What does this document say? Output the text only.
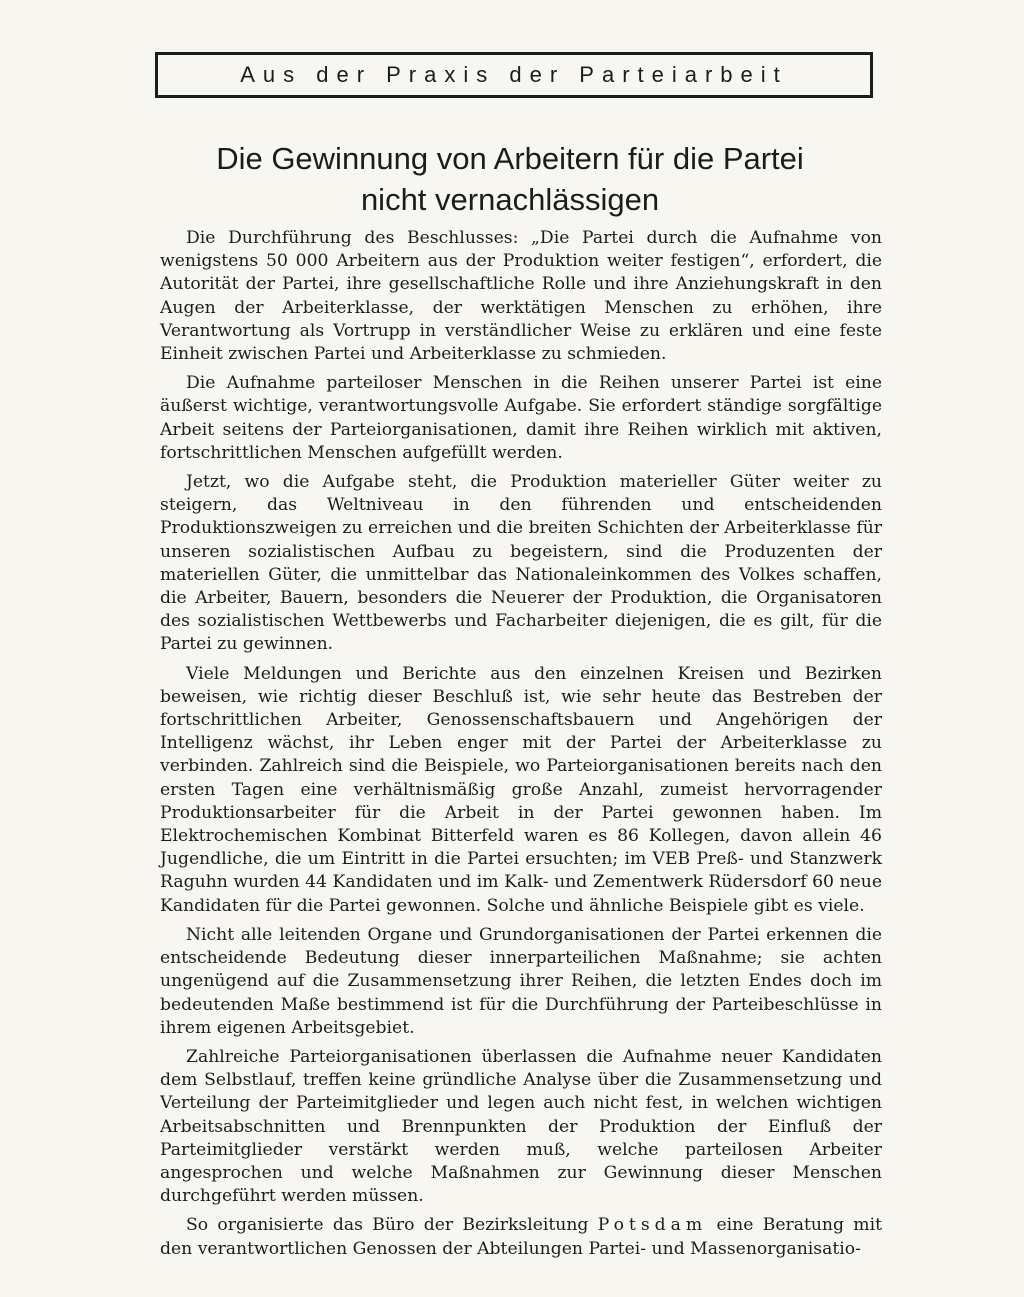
Aus der Praxis der Parteiarbeit
Die Gewinnung von Arbeitern für die Partei
nicht vernachlässigen

Die Durchführung des Beschlusses: „Die Partei durch die Aufnahme von wenigstens 50 000 Arbeitern aus der Produktion weiter festigen“, erfordert, die Autorität der Partei, ihre gesellschaftliche Rolle und ihre Anziehungskraft in den Augen der Arbeiterklasse, der werktätigen Menschen zu erhöhen, ihre Verantwortung als Vortrupp in verständlicher Weise zu erklären und eine feste Einheit zwischen Partei und Arbeiterklasse zu schmieden.

Die Aufnahme parteiloser Menschen in die Reihen unserer Partei ist eine äußerst wichtige, verantwortungsvolle Aufgabe. Sie erfordert ständige sorgfältige Arbeit seitens der Parteiorganisationen, damit ihre Reihen wirklich mit aktiven, fortschrittlichen Menschen aufgefüllt werden.

Jetzt, wo die Aufgabe steht, die Produktion materieller Güter weiter zu steigern, das Weltniveau in den führenden und entscheidenden Produktionszweigen zu erreichen und die breiten Schichten der Arbeiterklasse für unseren sozialistischen Aufbau zu begeistern, sind die Produzenten der materiellen Güter, die unmittelbar das Nationaleinkommen des Volkes schaffen, die Arbeiter, Bauern, besonders die Neuerer der Produktion, die Organisatoren des sozialistischen Wettbewerbs und Facharbeiter diejenigen, die es gilt, für die Partei zu gewinnen.

Viele Meldungen und Berichte aus den einzelnen Kreisen und Bezirken beweisen, wie richtig dieser Beschluß ist, wie sehr heute das Bestreben der fortschrittlichen Arbeiter, Genossenschaftsbauern und Angehörigen der Intelligenz wächst, ihr Leben enger mit der Partei der Arbeiterklasse zu verbinden. Zahlreich sind die Beispiele, wo Parteiorganisationen bereits nach den ersten Tagen eine verhältnismäßig große Anzahl, zumeist hervorragender Produktionsarbeiter für die Arbeit in der Partei gewonnen haben. Im Elektrochemischen Kombinat Bitterfeld waren es 86 Kollegen, davon allein 46 Jugendliche, die um Eintritt in die Partei ersuchten; im VEB Preß- und Stanzwerk Raguhn wurden 44 Kandidaten und im Kalk- und Zementwerk Rüdersdorf 60 neue Kandidaten für die Partei gewonnen. Solche und ähnliche Beispiele gibt es viele.

Nicht alle leitenden Organe und Grundorganisationen der Partei erkennen die entscheidende Bedeutung dieser innerparteilichen Maßnahme; sie achten ungenügend auf die Zusammensetzung ihrer Reihen, die letzten Endes doch im bedeutenden Maße bestimmend ist für die Durchführung der Parteibeschlüsse in ihrem eigenen Arbeitsgebiet.

Zahlreiche Parteiorganisationen überlassen die Aufnahme neuer Kandidaten dem Selbstlauf, treffen keine gründliche Analyse über die Zusammensetzung und Verteilung der Parteimitglieder und legen auch nicht fest, in welchen wichtigen Arbeitsabschnitten und Brennpunkten der Produktion der Einfluß der Parteimitglieder verstärkt werden muß, welche parteilosen Arbeiter angesprochen und welche Maßnahmen zur Gewinnung dieser Menschen durchgeführt werden müssen.

So organisierte das Büro der Bezirksleitung Potsdam eine Beratung mit den verantwortlichen Genossen der Abteilungen Partei- und Massenorganisatio-
